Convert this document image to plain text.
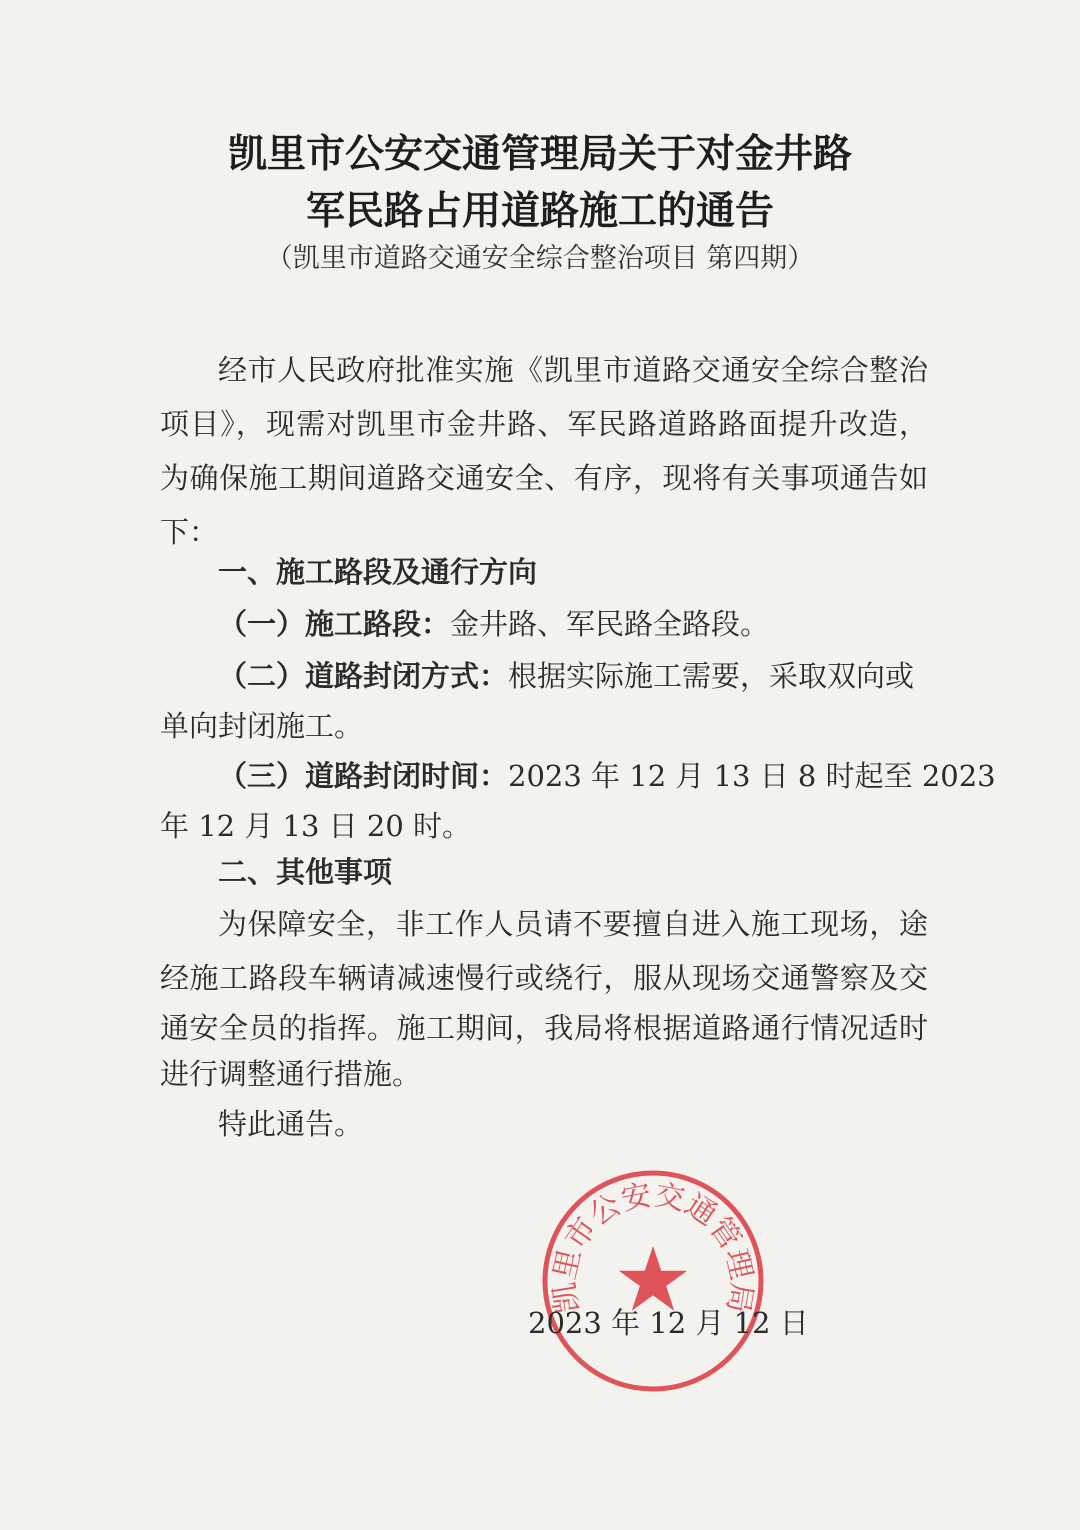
凯里市公安交通管理局关于对金井路
军民路占用道路施工的通告
（凯里市道路交通安全综合整治项目 第四期）
经市人民政府批准实施《凯里市道路交通安全综合整治
项目》，现需对凯里市金井路、军民路道路路面提升改造，
为确保施工期间道路交通安全、有序，现将有关事项通告如
下：
一、施工路段及通行方向
（一）施工路段：金井路、军民路全路段。
（二）道路封闭方式：根据实际施工需要，采取双向或
单向封闭施工。
（三）道路封闭时间：2023 年 12 月 13 日 8 时起至 2023
年 12 月 13 日 20 时。
二、其他事项
为保障安全，非工作人员请不要擅自进入施工现场，途
经施工路段车辆请减速慢行或绕行，服从现场交通警察及交
通安全员的指挥。施工期间，我局将根据道路通行情况适时
进行调整通行措施。
特此通告。
凯里市公安交通管理局
2023 年 12 月 12 日
